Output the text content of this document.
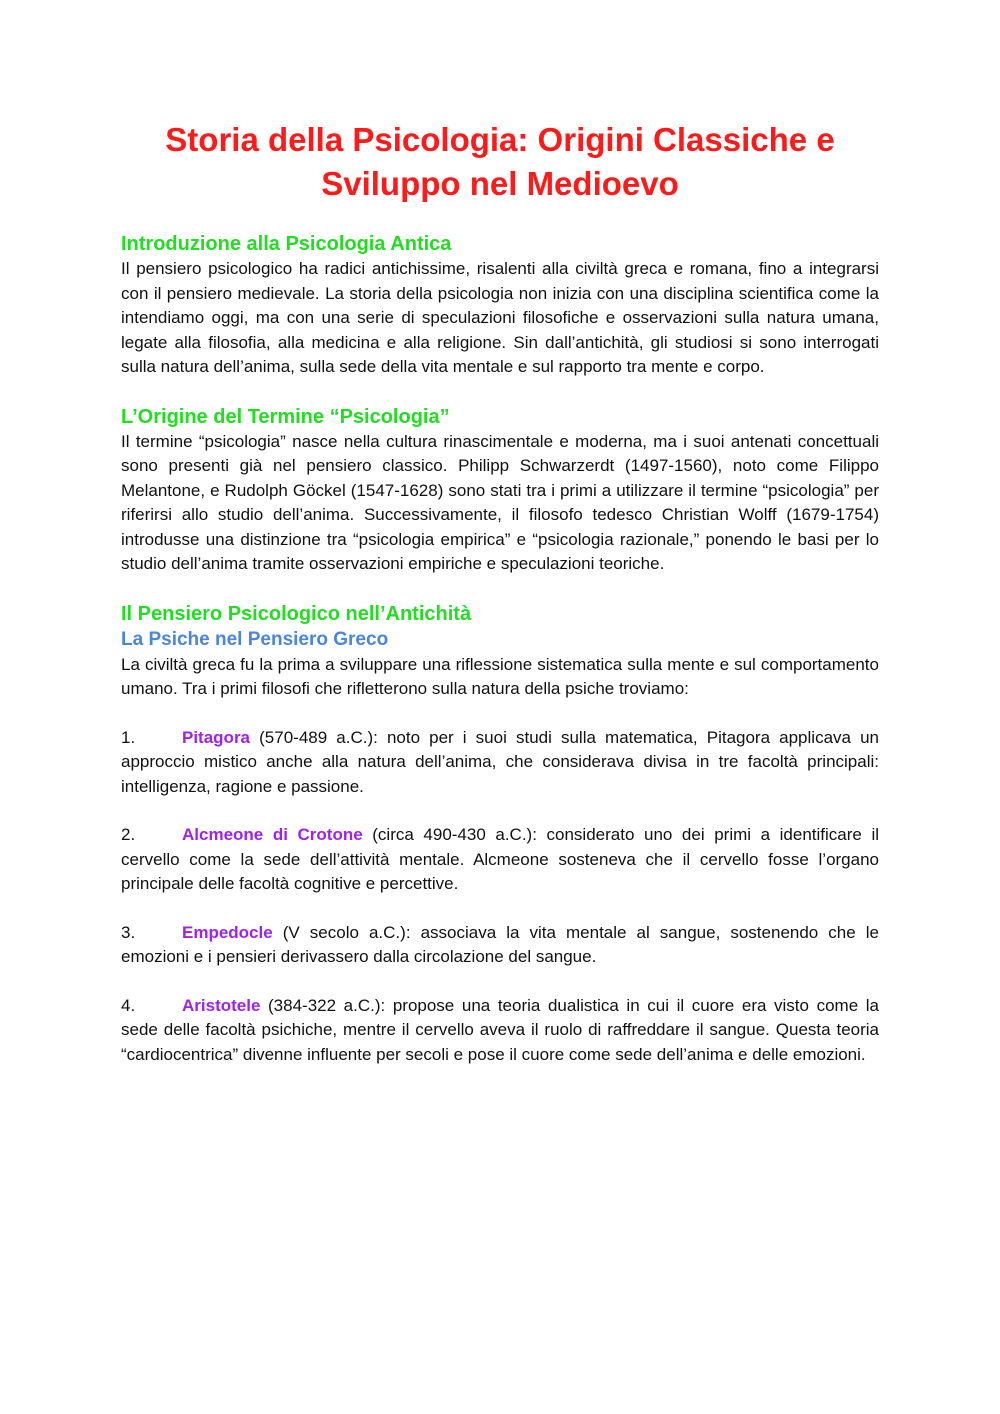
Storia della Psicologia: Origini Classiche e Sviluppo nel Medioevo
Introduzione alla Psicologia Antica

Il pensiero psicologico ha radici antichissime, risalenti alla civiltà greca e romana, fino a integrarsi con il pensiero medievale. La storia della psicologia non inizia con una disciplina scientifica come la intendiamo oggi, ma con una serie di speculazioni filosofiche e osservazioni sulla natura umana, legate alla filosofia, alla medicina e alla religione. Sin dall’antichità, gli studiosi si sono interrogati sulla natura dell’anima, sulla sede della vita mentale e sul rapporto tra mente e corpo.

L’Origine del Termine “Psicologia”

Il termine “psicologia” nasce nella cultura rinascimentale e moderna, ma i suoi antenati concettuali sono presenti già nel pensiero classico. Philipp Schwarzerdt (1497-1560), noto come Filippo Melantone, e Rudolph Göckel (1547-1628) sono stati tra i primi a utilizzare il termine “psicologia” per riferirsi allo studio dell’anima. Successivamente, il filosofo tedesco Christian Wolff (1679-1754) introdusse una distinzione tra “psicologia empirica” e “psicologia razionale,” ponendo le basi per lo studio dell’anima tramite osservazioni empiriche e speculazioni teoriche.

Il Pensiero Psicologico nell’Antichità
La Psiche nel Pensiero Greco

La civiltà greca fu la prima a sviluppare una riflessione sistematica sulla mente e sul comportamento umano. Tra i primi filosofi che rifletterono sulla natura della psiche troviamo:

1.	Pitagora (570-489 a.C.): noto per i suoi studi sulla matematica, Pitagora applicava un approccio mistico anche alla natura dell’anima, che considerava divisa in tre facoltà principali: intelligenza, ragione e passione.

2.	Alcmeone di Crotone (circa 490-430 a.C.): considerato uno dei primi a identificare il cervello come la sede dell’attività mentale. Alcmeone sosteneva che il cervello fosse l’organo principale delle facoltà cognitive e percettive.

3.	Empedocle (V secolo a.C.): associava la vita mentale al sangue, sostenendo che le emozioni e i pensieri derivassero dalla circolazione del sangue.

4.	Aristotele (384-322 a.C.): propose una teoria dualistica in cui il cuore era visto come la sede delle facoltà psichiche, mentre il cervello aveva il ruolo di raffreddare il sangue. Questa teoria “cardiocentrica” divenne influente per secoli e pose il cuore come sede dell’anima e delle emozioni.
